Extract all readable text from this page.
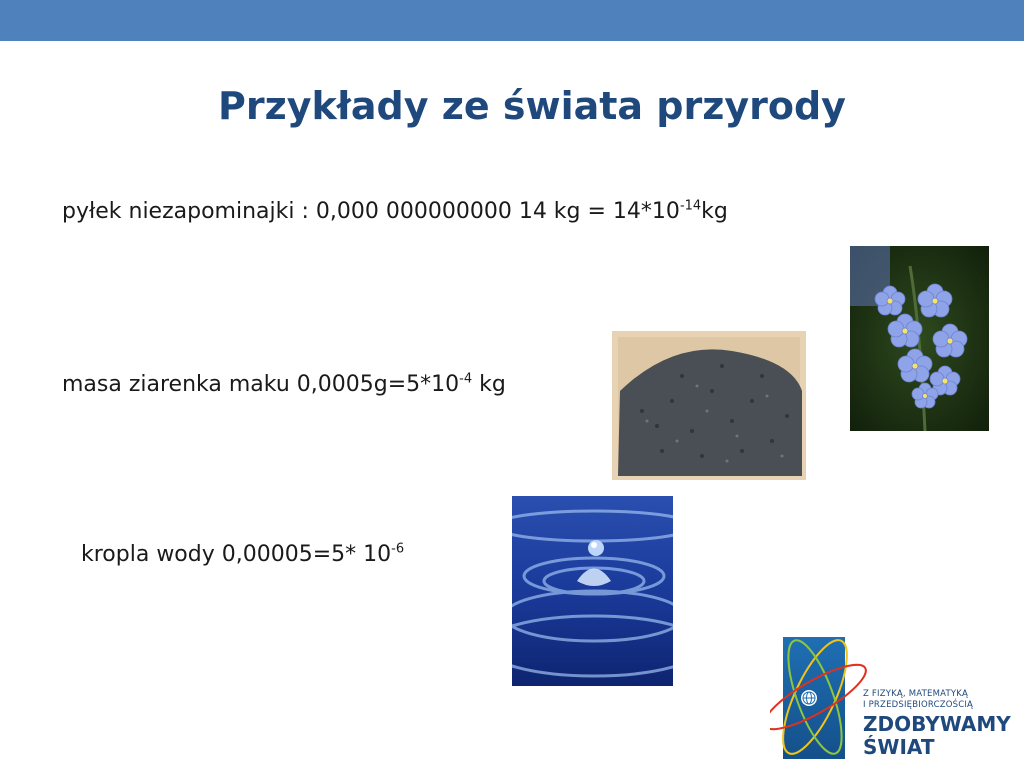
Przykłady ze świata przyrody
pyłek niezapominajki : 0,000 000000000 14 kg = $14*10^{-14}kg$
masa ziarenka maku $0,0005g=5*10^{-4}$ kg
kropla wody 0,00005=5* $10^{-6}$
Z FIZYKĄ, MATEMATYKĄ
I PRZEDSIĘBIORCZOŚCIĄ
ZDOBYWAMY
ŚWIAT
